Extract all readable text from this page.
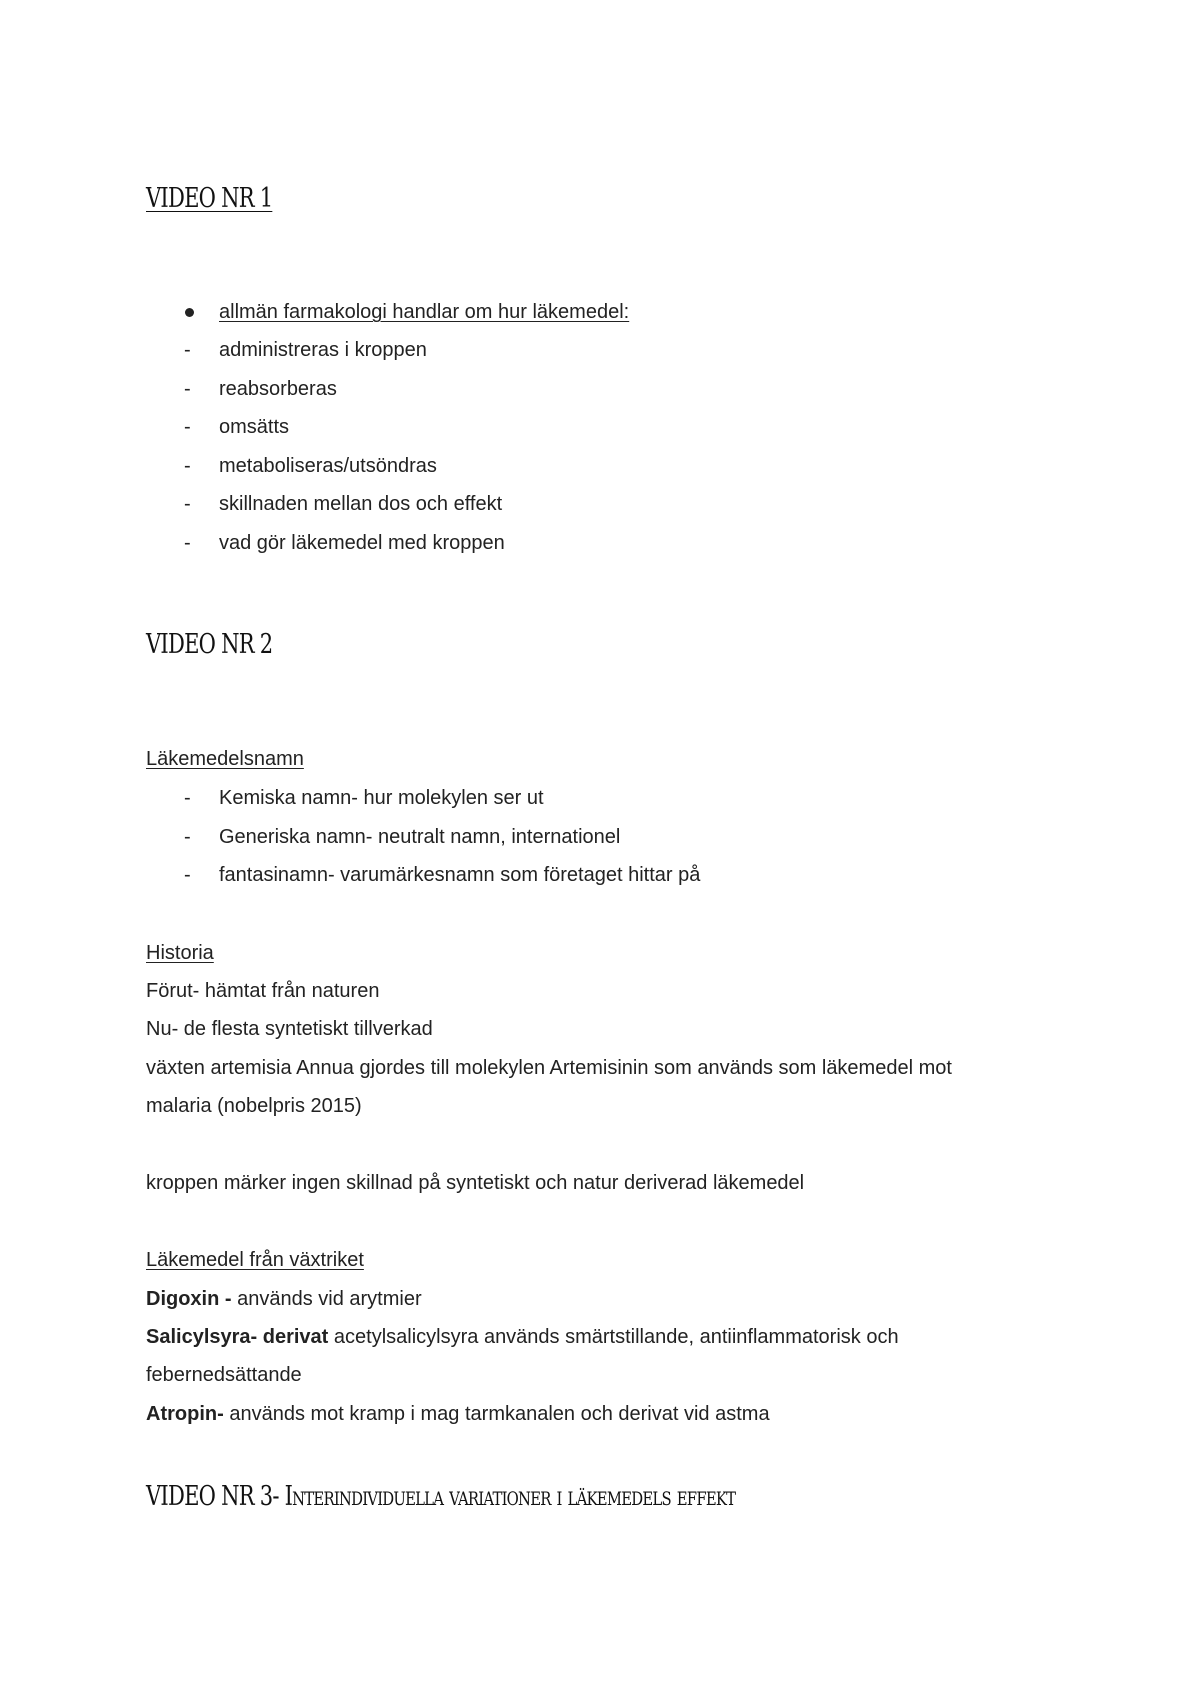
VIDEO NR 1
allmän farmakologi handlar om hur läkemedel:
-	administreras i kroppen
-	reabsorberas
-	omsätts
-	metaboliseras/utsöndras
-	skillnaden mellan dos och effekt
-	vad gör läkemedel med kroppen
VIDEO NR 2
Läkemedelsnamn
-	Kemiska namn- hur molekylen ser ut
-	Generiska namn- neutralt namn, internationel
-	fantasinamn- varumärkesnamn som företaget hittar på
Historia
Förut- hämtat från naturen
Nu- de flesta syntetiskt tillverkad
växten artemisia Annua gjordes till molekylen Artemisinin som används som läkemedel mot
malaria (nobelpris 2015)
kroppen märker ingen skillnad på syntetiskt och natur deriverad läkemedel
Läkemedel från växtriket
Digoxin - används vid arytmier
Salicylsyra- derivat acetylsalicylsyra används smärtstillande, antiinflammatorisk och
febernedsättande
Atropin- används mot kramp i mag tarmkanalen och derivat vid astma
VIDEO NR 3- Interindividuella variationer i läkemedels effekt
